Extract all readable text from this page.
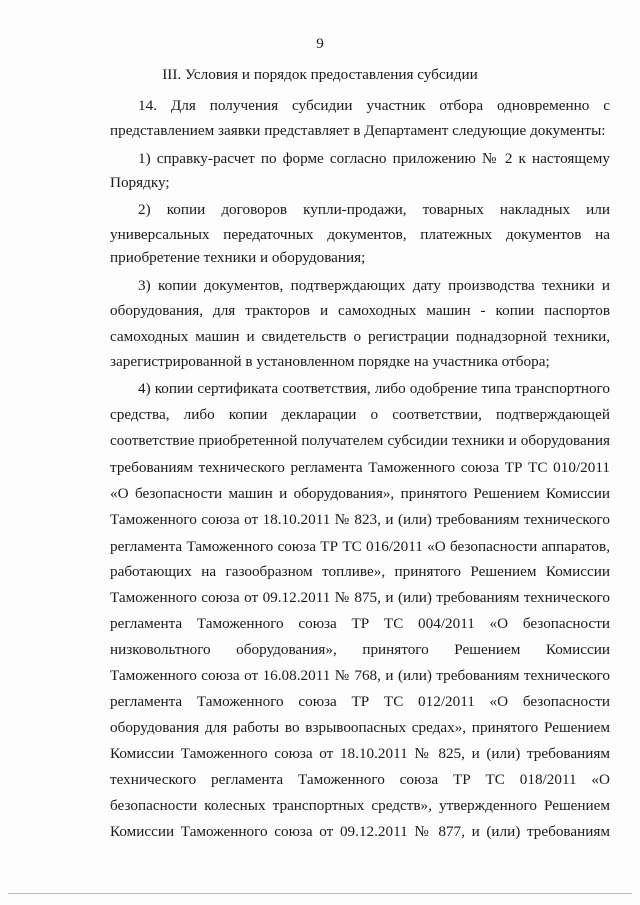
9
III. Условия и порядок предоставления субсидии
14. Для получения субсидии участник отбора одновременно с
представлением заявки представляет в Департамент следующие документы:
1) справку-расчет по форме согласно приложению № 2 к настоящему
Порядку;
2) копии договоров купли-продажи, товарных накладных или
универсальных передаточных документов, платежных документов на
приобретение техники и оборудования;
3) копии документов, подтверждающих дату производства техники и
оборудования, для тракторов и самоходных машин - копии паспортов
самоходных машин и свидетельств о регистрации поднадзорной техники,
зарегистрированной в установленном порядке на участника отбора;
4) копии сертификата соответствия, либо одобрение типа транспортного
средства, либо копии декларации о соответствии, подтверждающей
соответствие приобретенной получателем субсидии техники и оборудования
требованиям технического регламента Таможенного союза ТР ТС 010/2011
«О безопасности машин и оборудования», принятого Решением Комиссии
Таможенного союза от 18.10.2011 № 823, и (или) требованиям технического
регламента Таможенного союза ТР ТС 016/2011 «О безопасности аппаратов,
работающих на газообразном топливе», принятого Решением Комиссии
Таможенного союза от 09.12.2011 № 875, и (или) требованиям технического
регламента Таможенного союза ТР ТС 004/2011 «О безопасности
низковольтного оборудования», принятого Решением Комиссии
Таможенного союза от 16.08.2011 № 768, и (или) требованиям технического
регламента Таможенного союза ТР ТС 012/2011 «О безопасности
оборудования для работы во взрывоопасных средах», принятого Решением
Комиссии Таможенного союза от 18.10.2011 № 825, и (или) требованиям
технического регламента Таможенного союза ТР ТС 018/2011 «О
безопасности колесных транспортных средств», утвержденного Решением
Комиссии Таможенного союза от 09.12.2011 № 877, и (или) требованиям
